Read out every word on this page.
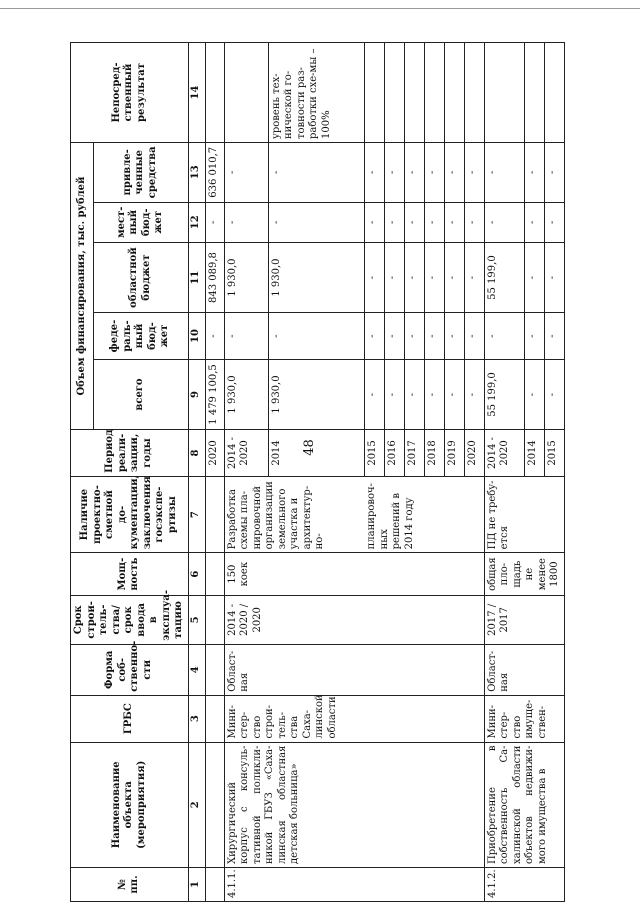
48
№ пп.	Наименование объекта (мероприятия)	ГРБС	Форма соб-ственно-сти	Срок строи-тель-ства/срок ввода в эксплуа-тацию	Мощ-ность	Наличие проектно-сметной до-кументации, заключения госэкспе-ртизы	Период реали-зации, годы	Объем финансирования, тыс. рублей					Непосред-ственный результат
								всего	феде-раль-ный бюд-жет	областной бюджет	мест-ный бюд-жет	привле-ченные средства	
1	2	3	4	5	6	7	8	9	10	11	12	13	14
							2020	1 479 100,5	-	843 089,8	-	636 010,7	
4.1.1.	Хирургический корпус с консуль-тативной поликли-никой ГБУЗ «Саха-линская областная детская больница»	Мини-стер-ство строи-тель-ства Саха-линской области	Област-ная	2014 - 2020 / 2020	150 коек	Разработка схемы пла-нировочной организации земельного участка и архитектур-но-	2014 - 2020	1 930,0	-	1 930,0	-	-	
							2014	1 930,0	-	1 930,0	-	-	уровень тех-нической го-товности раз-работки схе-мы – 100%
						планировоч-ных решений в 2014 году	2015	-	-	-	-	-	
							2016	-	-	-	-	-	
							2017	-	-	-	-	-	
							2018	-	-	-	-	-	
							2019	-	-	-	-	-	
							2020	-	-	-	-	-	
4.1.2.	Приобретение в собственность Са-халинской области объектов недвижи-мого имущества в	Мини-стер-ство имуще-ствен-	Област-ная	2017 / 2017	общая пло-щадь не менее 1800	ПД не требу-ется	2014 - 2020	55 199,0	-	55 199,0	-	-	
							2014	-	-	-	-	-	
							2015	-	-	-	-	-	
